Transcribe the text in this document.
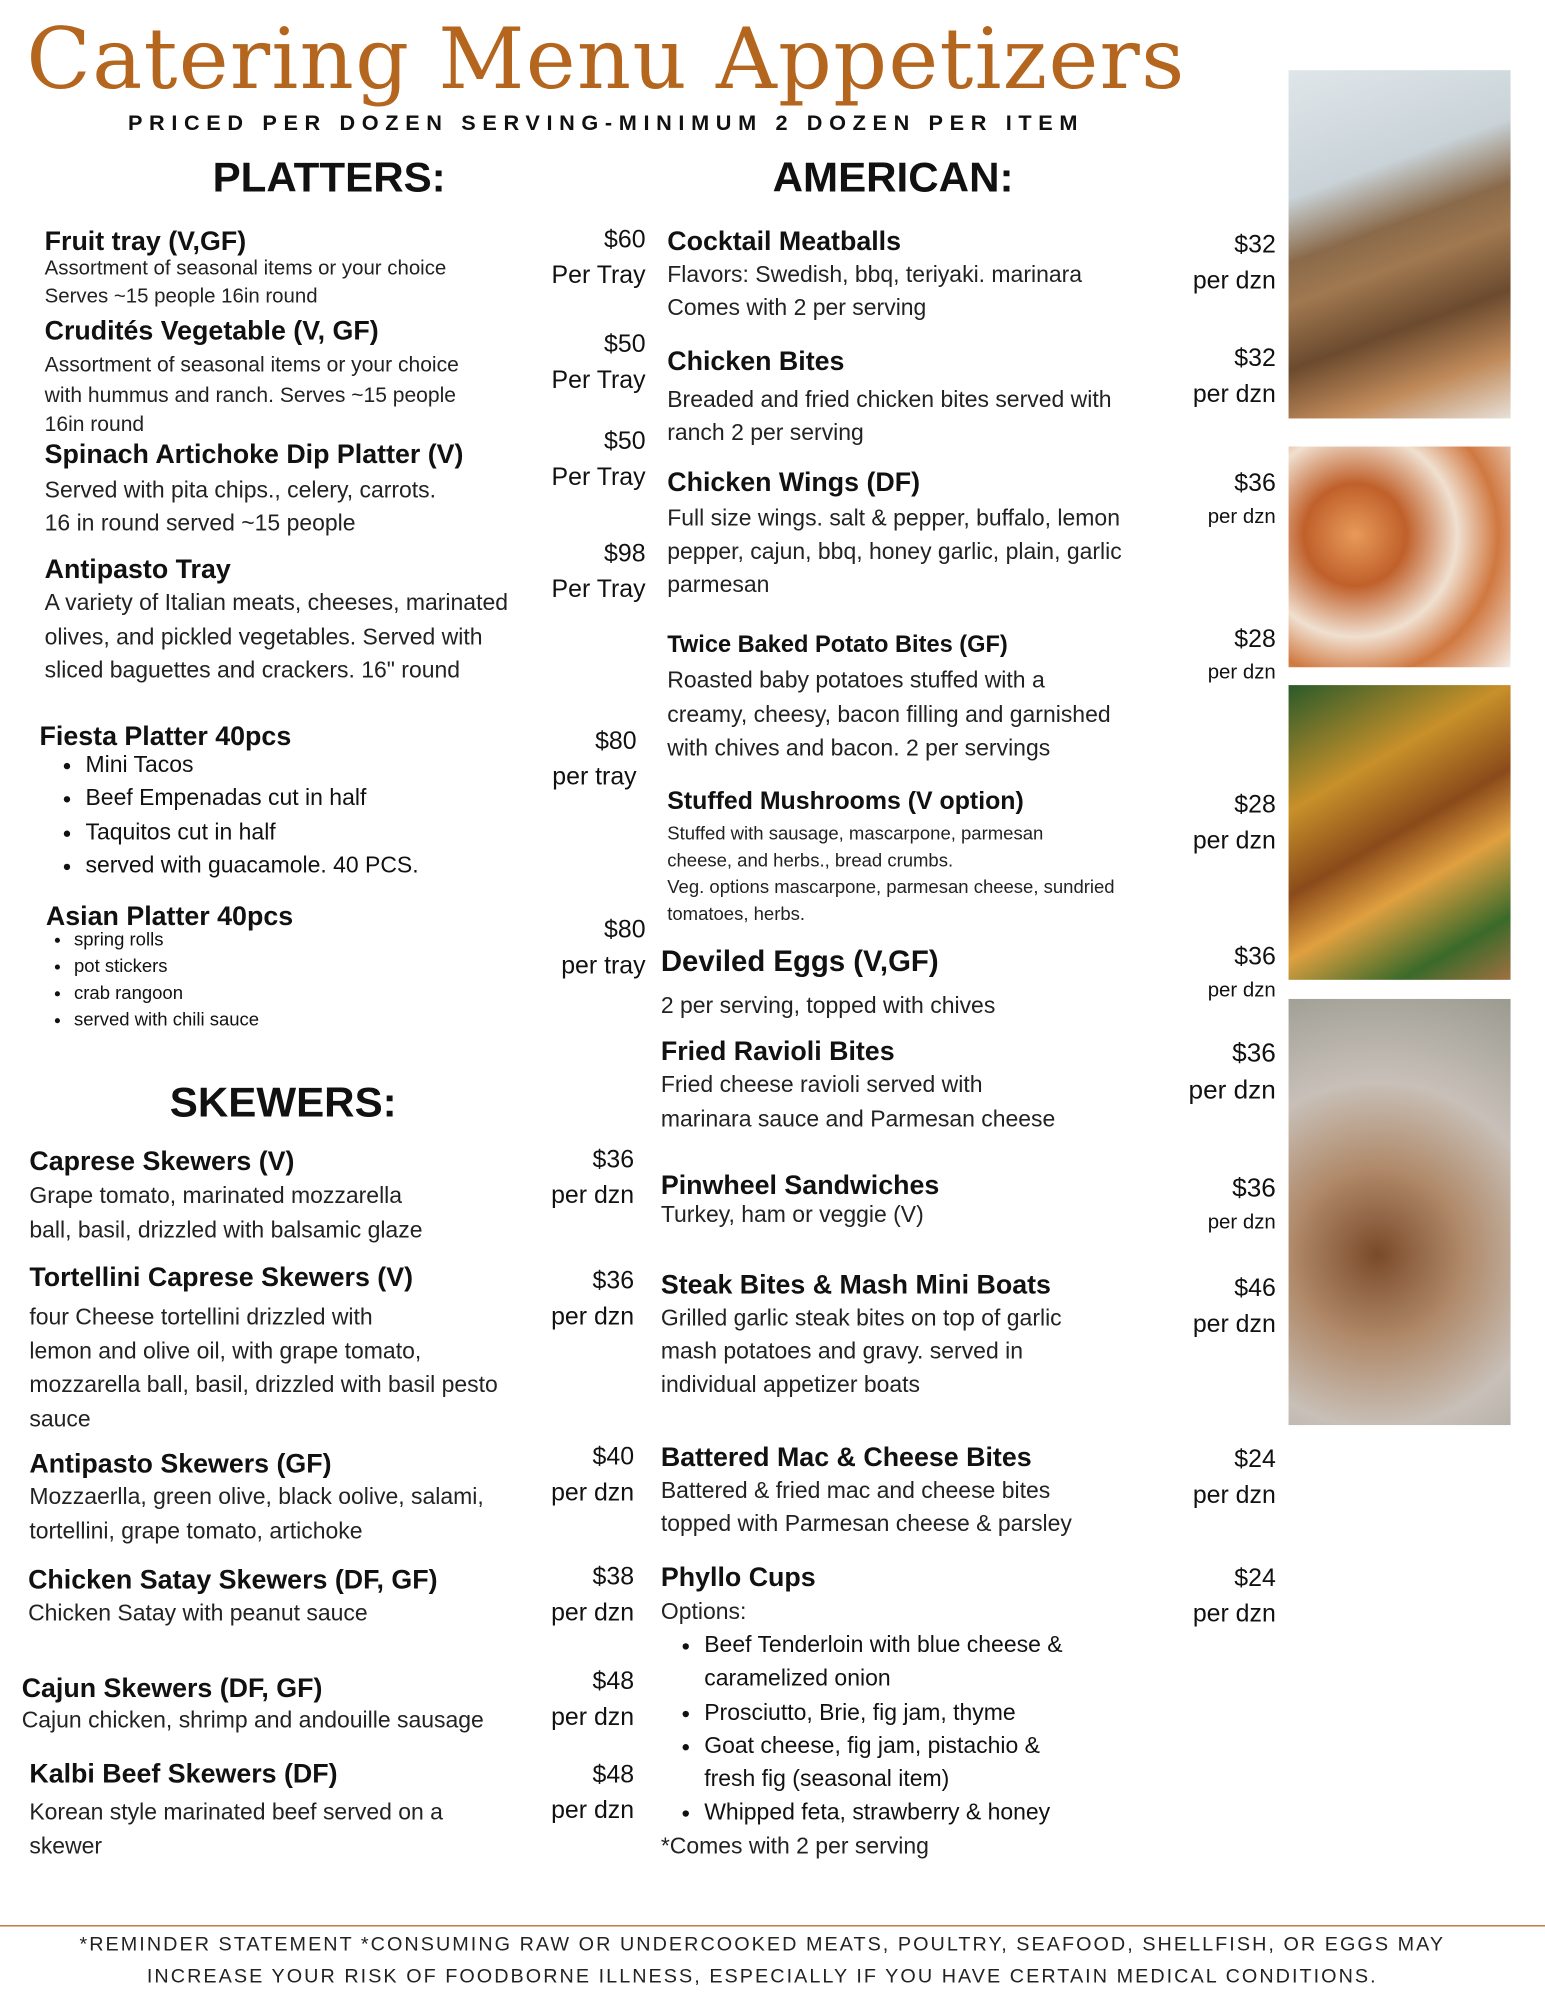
Catering Menu Appetizers
PRICED PER DOZEN SERVING-MINIMUM 2 DOZEN PER ITEM
PLATTERS:	AMERICAN:
SKEWERS:
Fruit tray (V,GF)
Assortment of seasonal items or your choice
Serves ~15 people 16in round
$60
Per Tray
Crudités Vegetable (V, GF)
Assortment of seasonal items or your choice
with hummus and ranch. Serves ~15 people
16in round
$50
Per Tray
Spinach Artichoke Dip Platter (V)
Served with pita chips., celery, carrots.
16 in round served ~15 people
$50
Per Tray
Antipasto Tray
A variety of Italian meats, cheeses, marinated
olives, and pickled vegetables. Served with
sliced baguettes and crackers. 16" round
$98
Per Tray
Fiesta Platter 40pcs
• Mini Tacos
• Beef Empenadas cut in half
• Taquitos cut in half
• served with guacamole. 40 PCS.
$80
per tray
Asian Platter 40pcs
• spring rolls
• pot stickers
• crab rangoon
• served with chili sauce
$80
per tray
Caprese Skewers (V)
Grape tomato, marinated mozzarella
ball, basil, drizzled with balsamic glaze
$36
per dzn
Tortellini Caprese Skewers (V)
four Cheese tortellini drizzled with
lemon and olive oil, with grape tomato,
mozzarella ball, basil, drizzled with basil pesto
sauce
$36
per dzn
Antipasto Skewers (GF)
Mozzaerlla, green olive, black oolive, salami,
tortellini, grape tomato, artichoke
$40
per dzn
Chicken Satay Skewers (DF, GF)
Chicken Satay with peanut sauce
$38
per dzn
Cajun Skewers (DF, GF)
Cajun chicken, shrimp and andouille sausage
$48
per dzn
Kalbi Beef Skewers (DF)
Korean style marinated beef served on a
skewer
$48
per dzn
Cocktail Meatballs
Flavors: Swedish, bbq, teriyaki. marinara
Comes with 2 per serving
$32
per dzn
Chicken Bites
Breaded and fried chicken bites served with
ranch 2 per serving
$32
per dzn
Chicken Wings (DF)
Full size wings. salt & pepper, buffalo, lemon
pepper, cajun, bbq, honey garlic, plain, garlic
parmesan
$36
per dzn
Twice Baked Potato Bites (GF)
Roasted baby potatoes stuffed with a
creamy, cheesy, bacon filling and garnished
with chives and bacon. 2 per servings
$28
per dzn
Stuffed Mushrooms (V option)
Stuffed with sausage, mascarpone, parmesan
cheese, and herbs., bread crumbs.
Veg. options mascarpone, parmesan cheese, sundried
tomatoes, herbs.
$28
per dzn
Deviled Eggs (V,GF)
2 per serving, topped with chives
$36
per dzn
Fried Ravioli Bites
Fried cheese ravioli served with
marinara sauce and Parmesan cheese
$36
per dzn
Pinwheel Sandwiches
Turkey, ham or veggie (V)
$36
per dzn
Steak Bites & Mash Mini Boats
Grilled garlic steak bites on top of garlic
mash potatoes and gravy. served in
individual appetizer boats
$46
per dzn
Battered Mac & Cheese Bites
Battered & fried mac and cheese bites
topped with Parmesan cheese & parsley
$24
per dzn
Phyllo Cups
Options:
• Beef Tenderloin with blue cheese & caramelized onion
• Prosciutto, Brie, fig jam, thyme
• Goat cheese, fig jam, pistachio & fresh fig (seasonal item)
• Whipped feta, strawberry & honey
*Comes with 2 per serving
$24
per dzn
*REMINDER STATEMENT *CONSUMING RAW OR UNDERCOOKED MEATS, POULTRY, SEAFOOD, SHELLFISH, OR EGGS MAY
INCREASE YOUR RISK OF FOODBORNE ILLNESS, ESPECIALLY IF YOU HAVE CERTAIN MEDICAL CONDITIONS.
